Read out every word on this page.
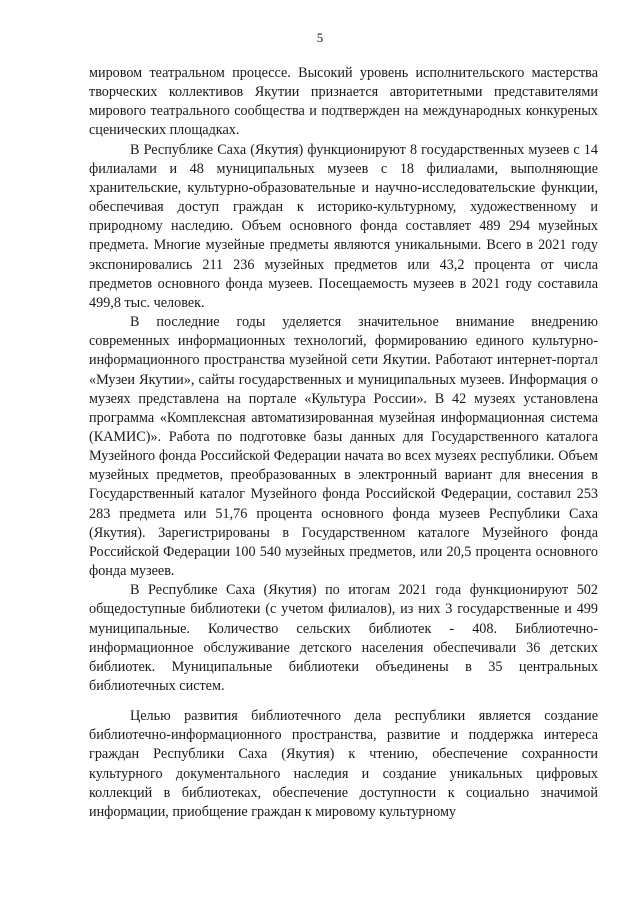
5

мировом театральном процессе. Высокий уровень исполнительского мастерства творческих коллективов Якутии признается авторитетными представителями мирового театрального сообщества и подтвержден на международных конкуреных сценических площадках.

В Республике Саха (Якутия) функционируют 8 государственных музеев с 14 филиалами и 48 муниципальных музеев с 18 филиалами, выполняющие хранительские, культурно-образовательные и научно-исследовательские функции, обеспечивая доступ граждан к историко-культурному, художественному и природному наследию. Объем основного фонда составляет 489 294 музейных предмета. Многие музейные предметы являются уникальными. Всего в 2021 году экспонировались 211 236 музейных предметов или 43,2 процента от числа предметов основного фонда музеев. Посещаемость музеев в 2021 году составила 499,8 тыс. человек.

В последние годы уделяется значительное внимание внедрению современных информационных технологий, формированию единого культурно-информационного пространства музейной сети Якутии. Работают интернет-портал «Музеи Якутии», сайты государственных и муниципальных музеев. Информация о музеях представлена на портале «Культура России». В 42 музеях установлена программа «Комплексная автоматизированная музейная информационная система (КАМИС)». Работа по подготовке базы данных для Государственного каталога Музейного фонда Российской Федерации начата во всех музеях республики. Объем музейных предметов, преобразованных в электронный вариант для внесения в Государственный каталог Музейного фонда Российской Федерации, составил 253 283 предмета или 51,76 процента основного фонда музеев Республики Саха (Якутия). Зарегистрированы в Государственном каталоге Музейного фонда Российской Федерации 100 540 музейных предметов, или 20,5 процента основного фонда музеев.

В Республике Саха (Якутия) по итогам 2021 года функционируют 502 общедоступные библиотеки (с учетом филиалов), из них 3 государственные и 499 муниципальные. Количество сельских библиотек - 408. Библиотечно-информационное обслуживание детского населения обеспечивали 36 детских библиотек. Муниципальные библиотеки объединены в 35 центральных библиотечных систем.

Целью развития библиотечного дела республики является создание библиотечно-информационного пространства, развитие и поддержка интереса граждан Республики Саха (Якутия) к чтению, обеспечение сохранности культурного документального наследия и создание уникальных цифровых коллекций в библиотеках, обеспечение доступности к социально значимой информации, приобщение граждан к мировому культурному
